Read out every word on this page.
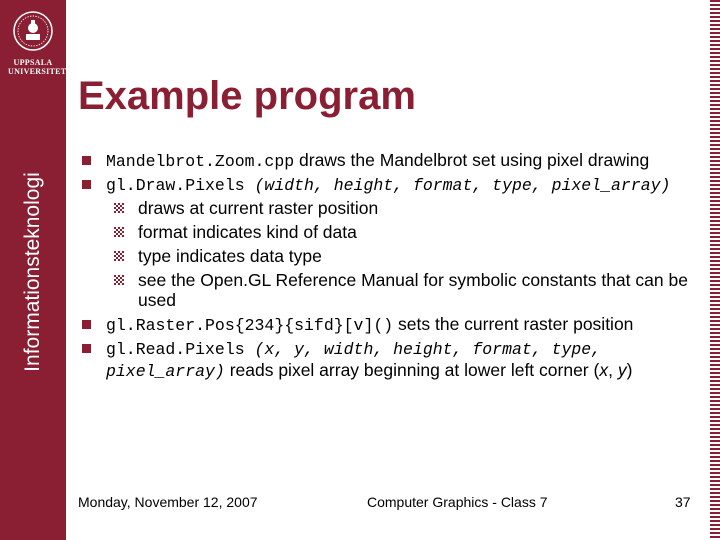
UPPSALA
UNIVERSITET
Informationsteknologi
Example program
Mandelbrot.Zoom.cpp draws the Mandelbrot set using pixel drawing
gl.Draw.Pixels (width, height, format, type, pixel_array)
draws at current raster position
format indicates kind of data
type indicates data type
see the Open.GL Reference Manual for symbolic constants that can be used
gl.Raster.Pos{234}{sifd}[v]() sets the current raster position
gl.Read.Pixels (x, y, width, height, format, type, pixel_array) reads pixel array beginning at lower left corner (x, y)
Monday, November 12, 2007	Computer Graphics - Class 7	37
